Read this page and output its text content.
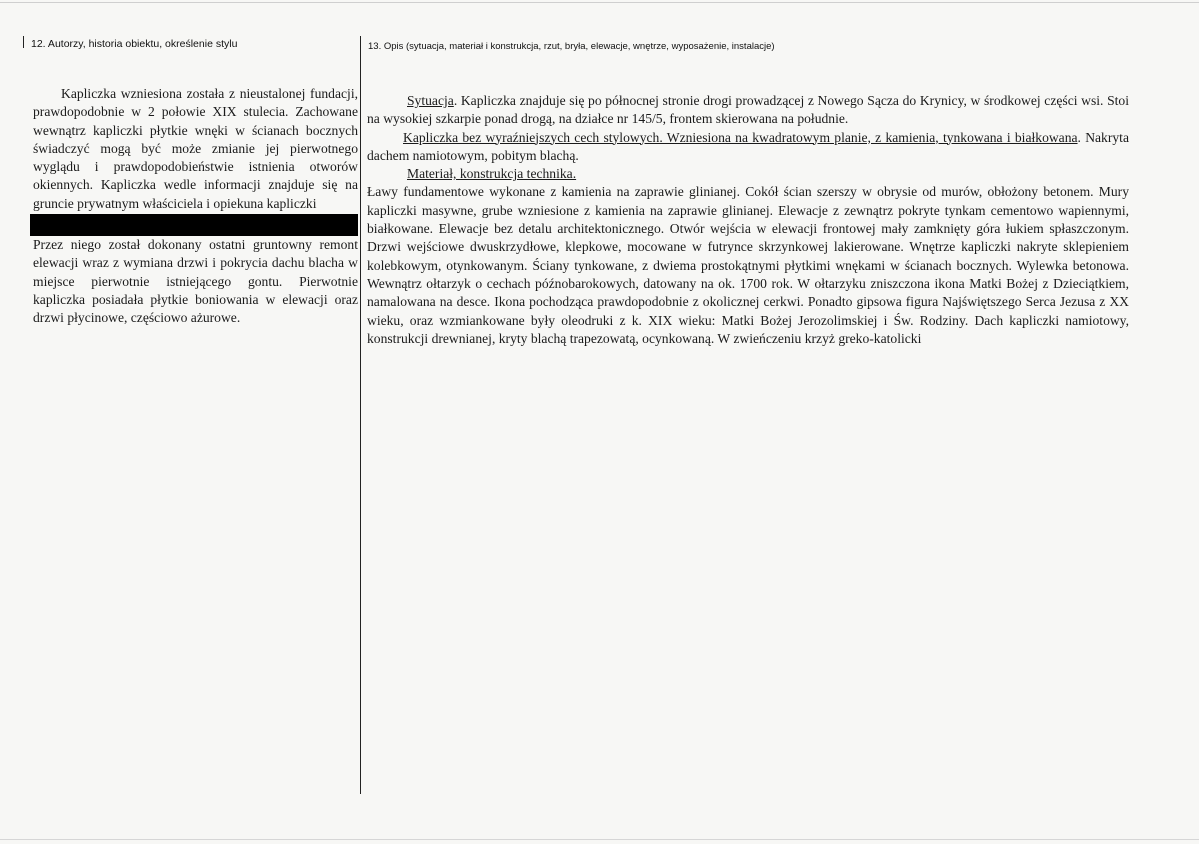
12. Autorzy, historia obiektu, określenie stylu	13. Opis (sytuacja, materiał i konstrukcja, rzut, bryła, elewacje, wnętrze, wyposażenie, instalacje)

Kapliczka wzniesiona została z nieustalonej fundacji, prawdopodobnie w 2 połowie XIX stulecia. Zachowane wewnątrz kapliczki płytkie wnęki w ścianach bocznych świadczyć mogą być może zmianie jej pierwotnego wyglądu i prawdopodobieństwie istnienia otworów okiennych. Kapliczka wedle informacji znajduje się na gruncie prywatnym właściciela i opiekuna kapliczki

Przez niego został dokonany ostatni gruntowny remont elewacji wraz z wymiana drzwi i pokrycia dachu blacha w miejsce pierwotnie istniejącego gontu. Pierwotnie kapliczka posiadała płytkie boniowania w elewacji oraz drzwi płycinowe, częściowo ażurowe.

Sytuacja. Kapliczka znajduje się po północnej stronie drogi prowadzącej z Nowego Sącza do Krynicy, w środkowej części wsi. Stoi na wysokiej szkarpie ponad drogą, na działce nr 145/5, frontem skierowana na południe.

Kapliczka bez wyraźniejszych cech stylowych. Wzniesiona na kwadratowym planie, z kamienia, tynkowana i białkowana. Nakryta dachem namiotowym, pobitym blachą.

Materiał, konstrukcja technika.

Ławy fundamentowe wykonane z kamienia na zaprawie glinianej. Cokół ścian szerszy w obrysie od murów, obłożony betonem. Mury kapliczki masywne, grube wzniesione z kamienia na zaprawie glinianej. Elewacje z zewnątrz pokryte tynkam cementowo wapiennymi, białkowane. Elewacje bez detalu architektonicznego. Otwór wejścia w elewacji frontowej mały zamknięty góra łukiem spłaszczonym. Drzwi wejściowe dwuskrzydłowe, klepkowe, mocowane w futrynce skrzynkowej lakierowane. Wnętrze kapliczki nakryte sklepieniem kolebkowym, otynkowanym. Ściany tynkowane, z dwiema prostokątnymi płytkimi wnękami w ścianach bocznych. Wylewka betonowa. Wewnątrz ołtarzyk o cechach późnobarokowych, datowany na ok. 1700 rok. W ołtarzyku zniszczona ikona Matki Bożej z Dzieciątkiem, namalowana na desce. Ikona pochodząca prawdopodobnie z okolicznej cerkwi. Ponadto gipsowa figura Najświętszego Serca Jezusa z XX wieku, oraz wzmiankowane były oleodruki z k. XIX wieku: Matki Bożej Jerozolimskiej i Św. Rodziny. Dach kapliczki namiotowy, konstrukcji drewnianej, kryty blachą trapezowatą, ocynkowaną. W zwieńczeniu krzyż greko-katolicki
